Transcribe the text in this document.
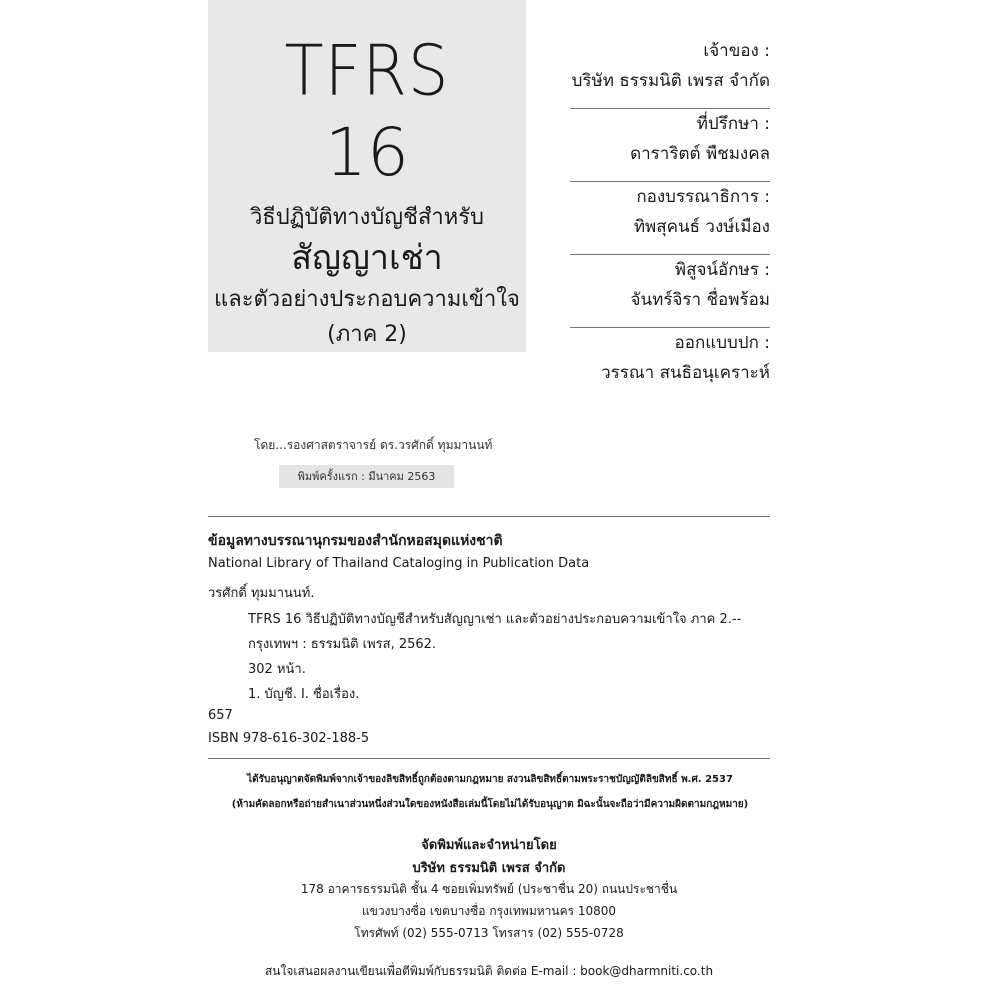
TFRS
16
วิธีปฏิบัติทางบัญชีสำหรับ
สัญญาเช่า
และตัวอย่างประกอบความเข้าใจ
(ภาค 2)
เจ้าของ :
บริษัท ธรรมนิติ เพรส จำกัด
ที่ปรึกษา :
ดาราริตต์ พืชมงคล
กองบรรณาธิการ :
ทิพสุคนธ์ วงษ์เมือง
พิสูจน์อักษร :
จันทร์จิรา ชื่อพร้อม
ออกแบบปก :
วรรณา สนธิอนุเคราะห์
โดย...รองศาสตราจารย์ ดร.วรศักดิ์ ทุมมานนท์
พิมพ์ครั้งแรก : มีนาคม 2563
ข้อมูลทางบรรณานุกรมของสำนักหอสมุดแห่งชาติ
National Library of Thailand Cataloging in Publication Data
วรศักดิ์ ทุมมานนท์.
TFRS 16 วิธีปฏิบัติทางบัญชีสำหรับสัญญาเช่า และตัวอย่างประกอบความเข้าใจ ภาค 2.--
กรุงเทพฯ : ธรรมนิติ เพรส, 2562.
302 หน้า.
1. บัญชี. I. ชื่อเรื่อง.
657
ISBN 978-616-302-188-5
ได้รับอนุญาตจัดพิมพ์จากเจ้าของลิขสิทธิ์ถูกต้องตามกฎหมาย สงวนลิขสิทธิ์ตามพระราชบัญญัติลิขสิทธิ์ พ.ศ. 2537
(ห้ามคัดลอกหรือถ่ายสำเนาส่วนหนึ่งส่วนใดของหนังสือเล่มนี้โดยไม่ได้รับอนุญาต มิฉะนั้นจะถือว่ามีความผิดตามกฎหมาย)
จัดพิมพ์และจำหน่ายโดย
บริษัท ธรรมนิติ เพรส จำกัด
178 อาคารธรรมนิติ ชั้น 4 ซอยเพิ่มทรัพย์ (ประชาชื่น 20) ถนนประชาชื่น
แขวงบางซื่อ เขตบางซื่อ กรุงเทพมหานคร 10800
โทรศัพท์ (02) 555-0713 โทรสาร (02) 555-0728
สนใจเสนอผลงานเขียนเพื่อตีพิมพ์กับธรรมนิติ ติดต่อ E-mail : book@dharmniti.co.th
